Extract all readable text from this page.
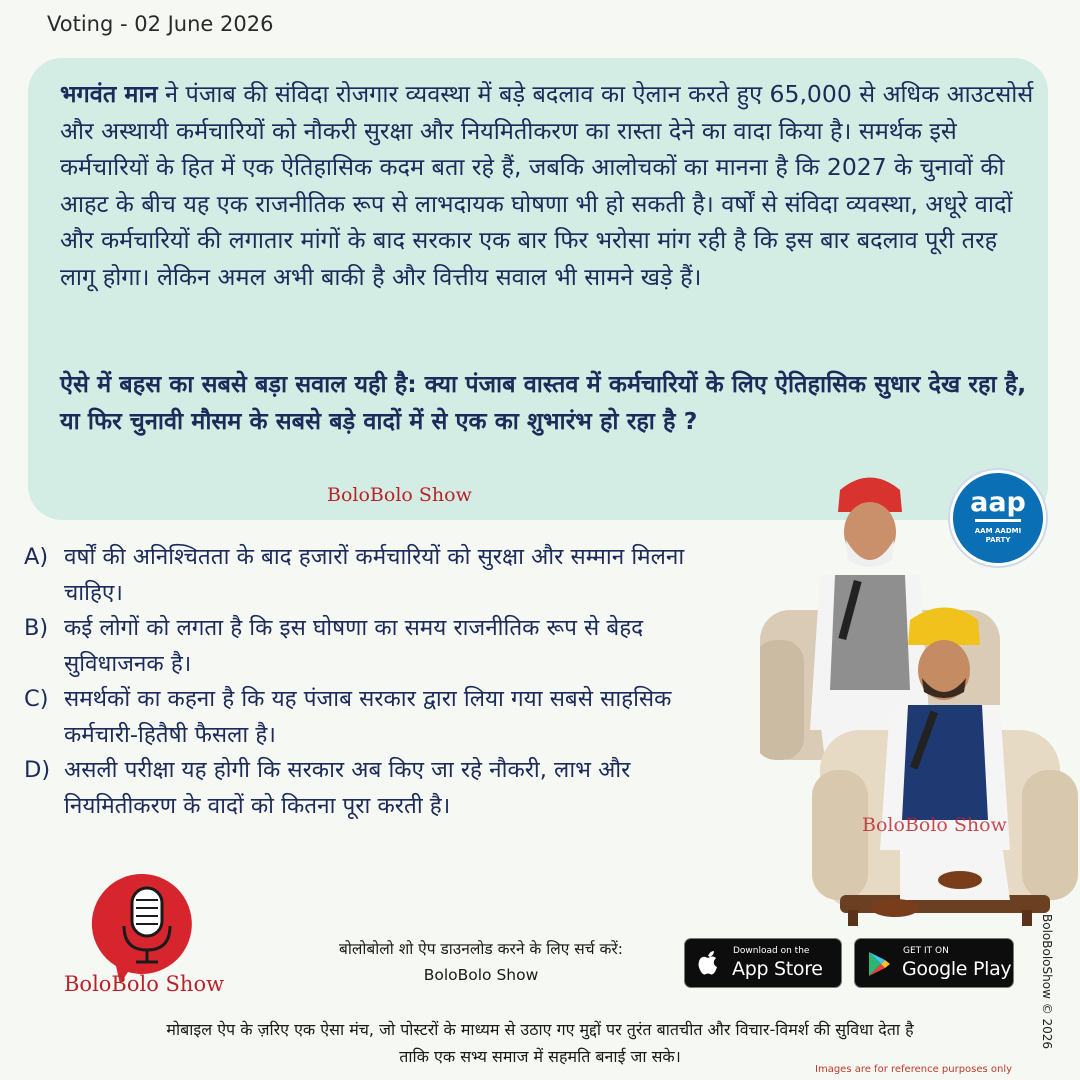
Voting - 02 June 2026
भगवंत मान ने पंजाब की संविदा रोजगार व्यवस्था में बड़े बदलाव का ऐलान करते हुए 65,000 से अधिक आउटसोर्स और अस्थायी कर्मचारियों को नौकरी सुरक्षा और नियमितीकरण का रास्ता देने का वादा किया है। समर्थक इसे कर्मचारियों के हित में एक ऐतिहासिक कदम बता रहे हैं, जबकि आलोचकों का मानना है कि 2027 के चुनावों की आहट के बीच यह एक राजनीतिक रूप से लाभदायक घोषणा भी हो सकती है। वर्षों से संविदा व्यवस्था, अधूरे वादों और कर्मचारियों की लगातार मांगों के बाद सरकार एक बार फिर भरोसा मांग रही है कि इस बार बदलाव पूरी तरह लागू होगा। लेकिन अमल अभी बाकी है और वित्तीय सवाल भी सामने खड़े हैं।
ऐसे में बहस का सबसे बड़ा सवाल यही है: क्या पंजाब वास्तव में कर्मचारियों के लिए ऐतिहासिक सुधार देख रहा है, या फिर चुनावी मौसम के सबसे बड़े वादों में से एक का शुभारंभ हो रहा है ?
BoloBolo Show
A) वर्षों की अनिश्चितता के बाद हजारों कर्मचारियों को सुरक्षा और सम्मान मिलना चाहिए।
B) कई लोगों को लगता है कि इस घोषणा का समय राजनीतिक रूप से बेहद सुविधाजनक है।
C) समर्थकों का कहना है कि यह पंजाब सरकार द्वारा लिया गया सबसे साहसिक कर्मचारी-हितैषी फैसला है।
D) असली परीक्षा यह होगी कि सरकार अब किए जा रहे नौकरी, लाभ और नियमितीकरण के वादों को कितना पूरा करती है।
aap
AAM AADMI
PARTY
BoloBolo Show
BoloBolo Show
बोलोबोलो शो ऐप डाउनलोड करने के लिए सर्च करें:
BoloBolo Show
Download on the
App Store
GET IT ON
Google Play
मोबाइल ऐप के ज़रिए एक ऐसा मंच, जो पोस्टरों के माध्यम से उठाए गए मुद्दों पर तुरंत बातचीत और विचार-विमर्श की सुविधा देता है
ताकि एक सभ्य समाज में सहमति बनाई जा सके।
Images are for reference purposes only
BoloBoloShow © 2026
